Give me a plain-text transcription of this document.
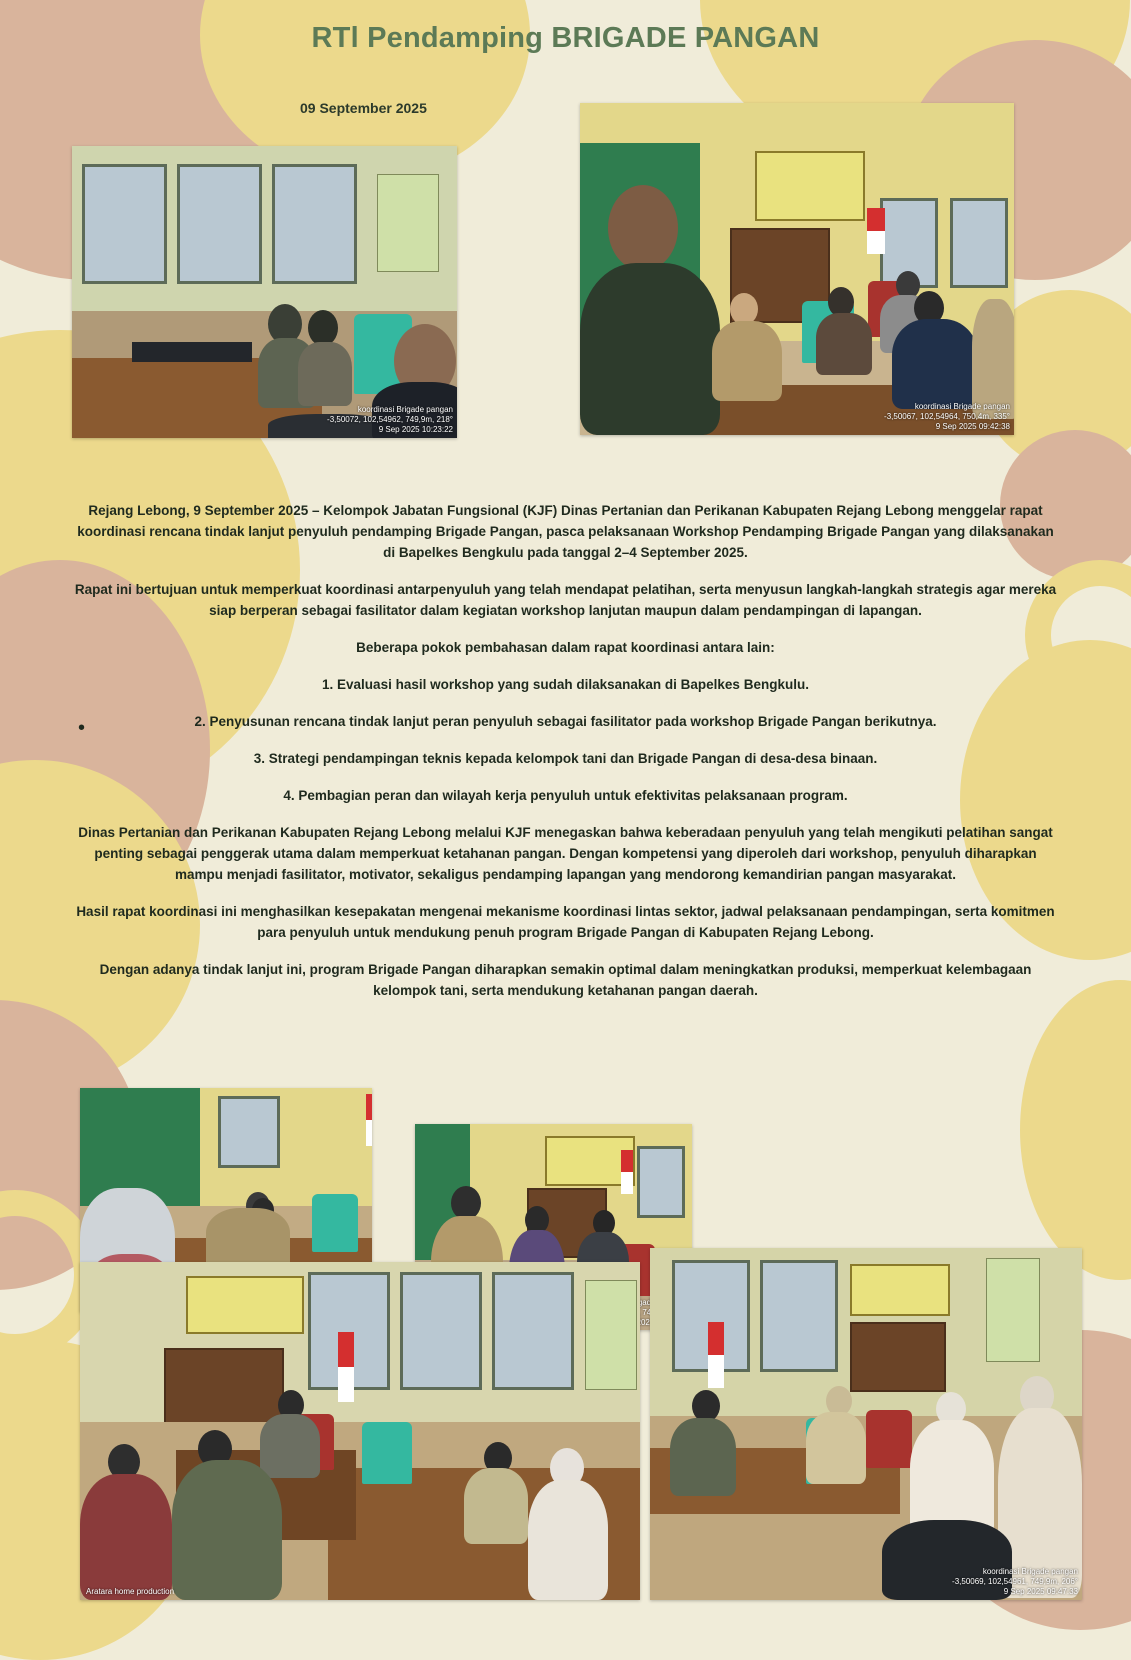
RTl Pendamping BRIGADE PANGAN
09 September 2025
koordinasi Brigade pangan
-3,50072, 102,54962, 749,9m, 218°
9 Sep 2025 10:23:22
koordinasi Brigade pangan
-3,50067, 102,54964, 750,4m, 335°
9 Sep 2025 09:42:38

Rejang Lebong, 9 September 2025 – Kelompok Jabatan Fungsional (KJF) Dinas Pertanian dan Perikanan Kabupaten Rejang Lebong menggelar rapat koordinasi rencana tindak lanjut penyuluh pendamping Brigade Pangan, pasca pelaksanaan Workshop Pendamping Brigade Pangan yang dilaksanakan di Bapelkes Bengkulu pada tanggal 2–4 September 2025.

Rapat ini bertujuan untuk memperkuat koordinasi antarpenyuluh yang telah mendapat pelatihan, serta menyusun langkah-langkah strategis agar mereka siap berperan sebagai fasilitator dalam kegiatan workshop lanjutan maupun dalam pendampingan di lapangan.

Beberapa pokok pembahasan dalam rapat koordinasi antara lain:

1. Evaluasi hasil workshop yang sudah dilaksanakan di Bapelkes Bengkulu.

2. Penyusunan rencana tindak lanjut peran penyuluh sebagai fasilitator pada workshop Brigade Pangan berikutnya.

3. Strategi pendampingan teknis kepada kelompok tani dan Brigade Pangan di desa-desa binaan.

4. Pembagian peran dan wilayah kerja penyuluh untuk efektivitas pelaksanaan program.

Dinas Pertanian dan Perikanan Kabupaten Rejang Lebong melalui KJF menegaskan bahwa keberadaan penyuluh yang telah mengikuti pelatihan sangat penting sebagai penggerak utama dalam memperkuat ketahanan pangan. Dengan kompetensi yang diperoleh dari workshop, penyuluh diharapkan mampu menjadi fasilitator, motivator, sekaligus pendamping lapangan yang mendorong kemandirian pangan masyarakat.

Hasil rapat koordinasi ini menghasilkan kesepakatan mengenai mekanisme koordinasi lintas sektor, jadwal pelaksanaan pendampingan, serta komitmen para penyuluh untuk mendukung penuh program Brigade Pangan di Kabupaten Rejang Lebong.

Dengan adanya tindak lanjut ini, program Brigade Pangan diharapkan semakin optimal dalam meningkatkan produksi, memperkuat kelembagaan kelompok tani, serta mendukung ketahanan pangan daerah.

•
Brigade
2025
Aratara home production
koordinasi Brigade pangan
-3,50069, 102,54961, 749,9m, 206°
9 Sep 2025 09:47:33
